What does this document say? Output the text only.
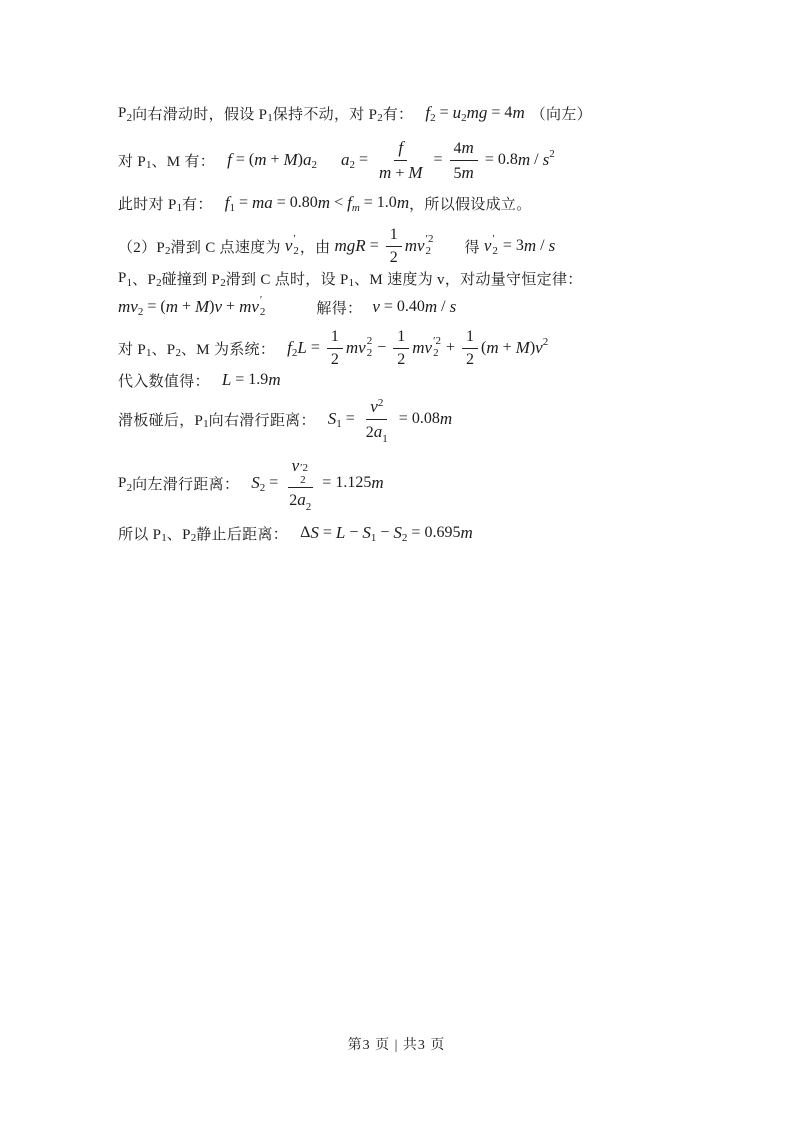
P 2 向右滑动时，假设 P 1 保持不动，对 P 2 有： f 2 = u 2 mg = 4 m （向左）
对 P 1 、M 有： f = ( m + M ) a 2 a $2 = \frac{f}{m + M} = \frac{4m}{5m} = 0.8$ m / s 2
此时对 P 1 有： f 1 = ma = 0.80 m < f m = 1.0 m ，所以假设成立。
（2）P 2 滑到 C 点速度为 v ′
2 ，由 mgR = $\frac{1}{2}$ mv ′2
2 得 v ′
2 = 3 m / s
P 1 、P 2 碰撞到 P 2 滑到 C 点时，设 P 1 、M 速度为 v，对动量守恒定律：
mv 2 = ( m + M ) v + mv ′
2	解得： v = 0.40 m / s
对 P 1 、P 2 、M 为系统： f 2 $L = \frac{1}{2}$ mv 2
$2 - \frac{1}{2}$ mv ′2
$2 + \frac{1}{2}$ ( m + M ) v 2
代入数值得： L = 1.9 m
滑板碰后，P 1 向右滑行距离： S $1 = \frac{v^2}{2a_1} = 0.08$ m
P 2 向左滑行距离： S 2 = v ′2
2
$2a_2 = 1.125$ m
所以 P 1 、P 2 静止后距离： Δ S = L − S 1 − S 2 = 0.695 m
第3 页 | 共3 页
